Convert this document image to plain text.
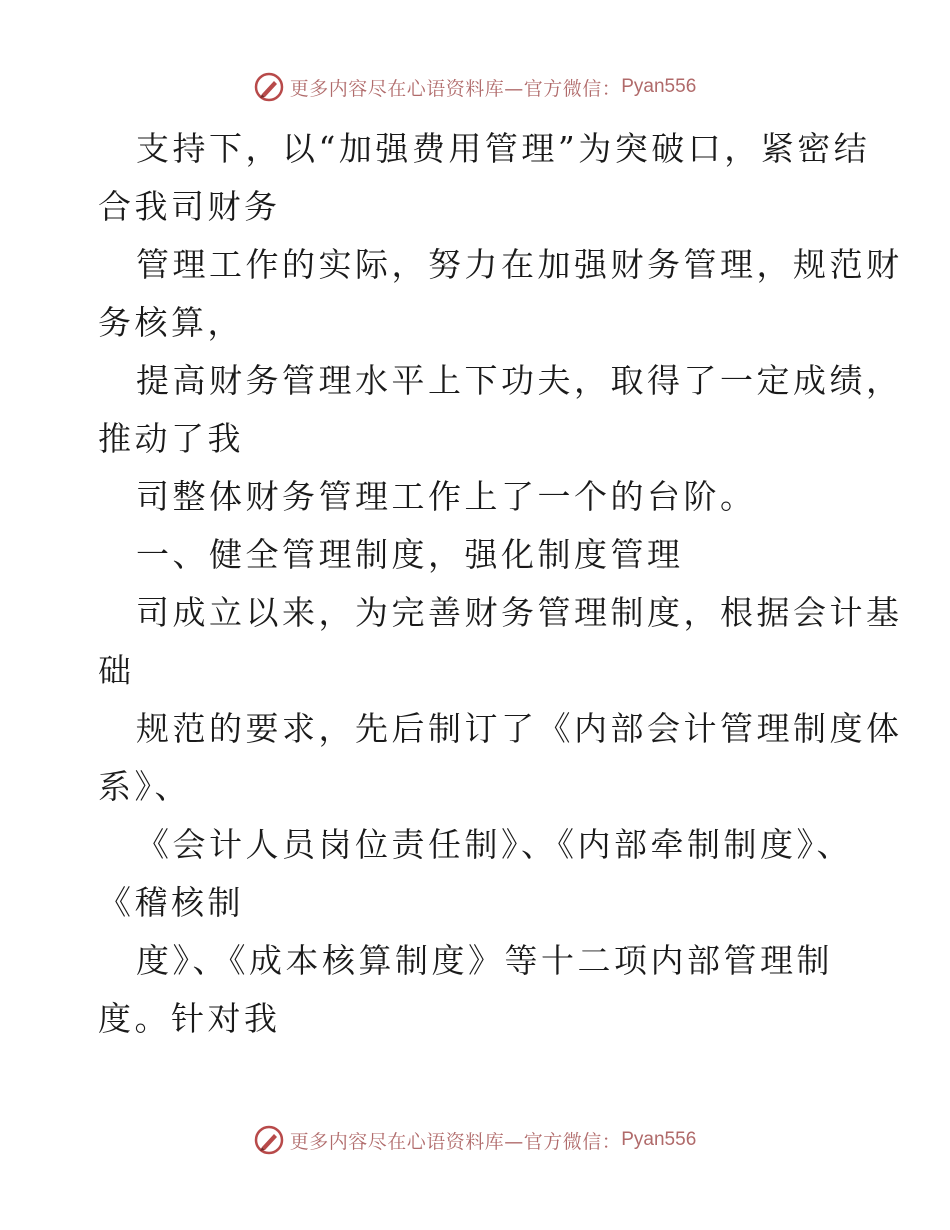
更多内容尽在心语资料库—官方微信： Pyan556
支持下，以“加强费用管理”为突破口，紧密结
合我司财务
管理工作的实际，努力在加强财务管理，规范财
务核算，
提高财务管理水平上下功夫，取得了一定成绩，
推动了我
司整体财务管理工作上了一个的台阶。
一、健全管理制度，强化制度管理
司成立以来，为完善财务管理制度，根据会计基
础
规范的要求，先后制订了《内部会计管理制度体
系》、
《会计人员岗位责任制》、《内部牵制制度》、
《稽核制
度》、《成本核算制度》等十二项内部管理制
度。针对我
更多内容尽在心语资料库—官方微信： Pyan556
